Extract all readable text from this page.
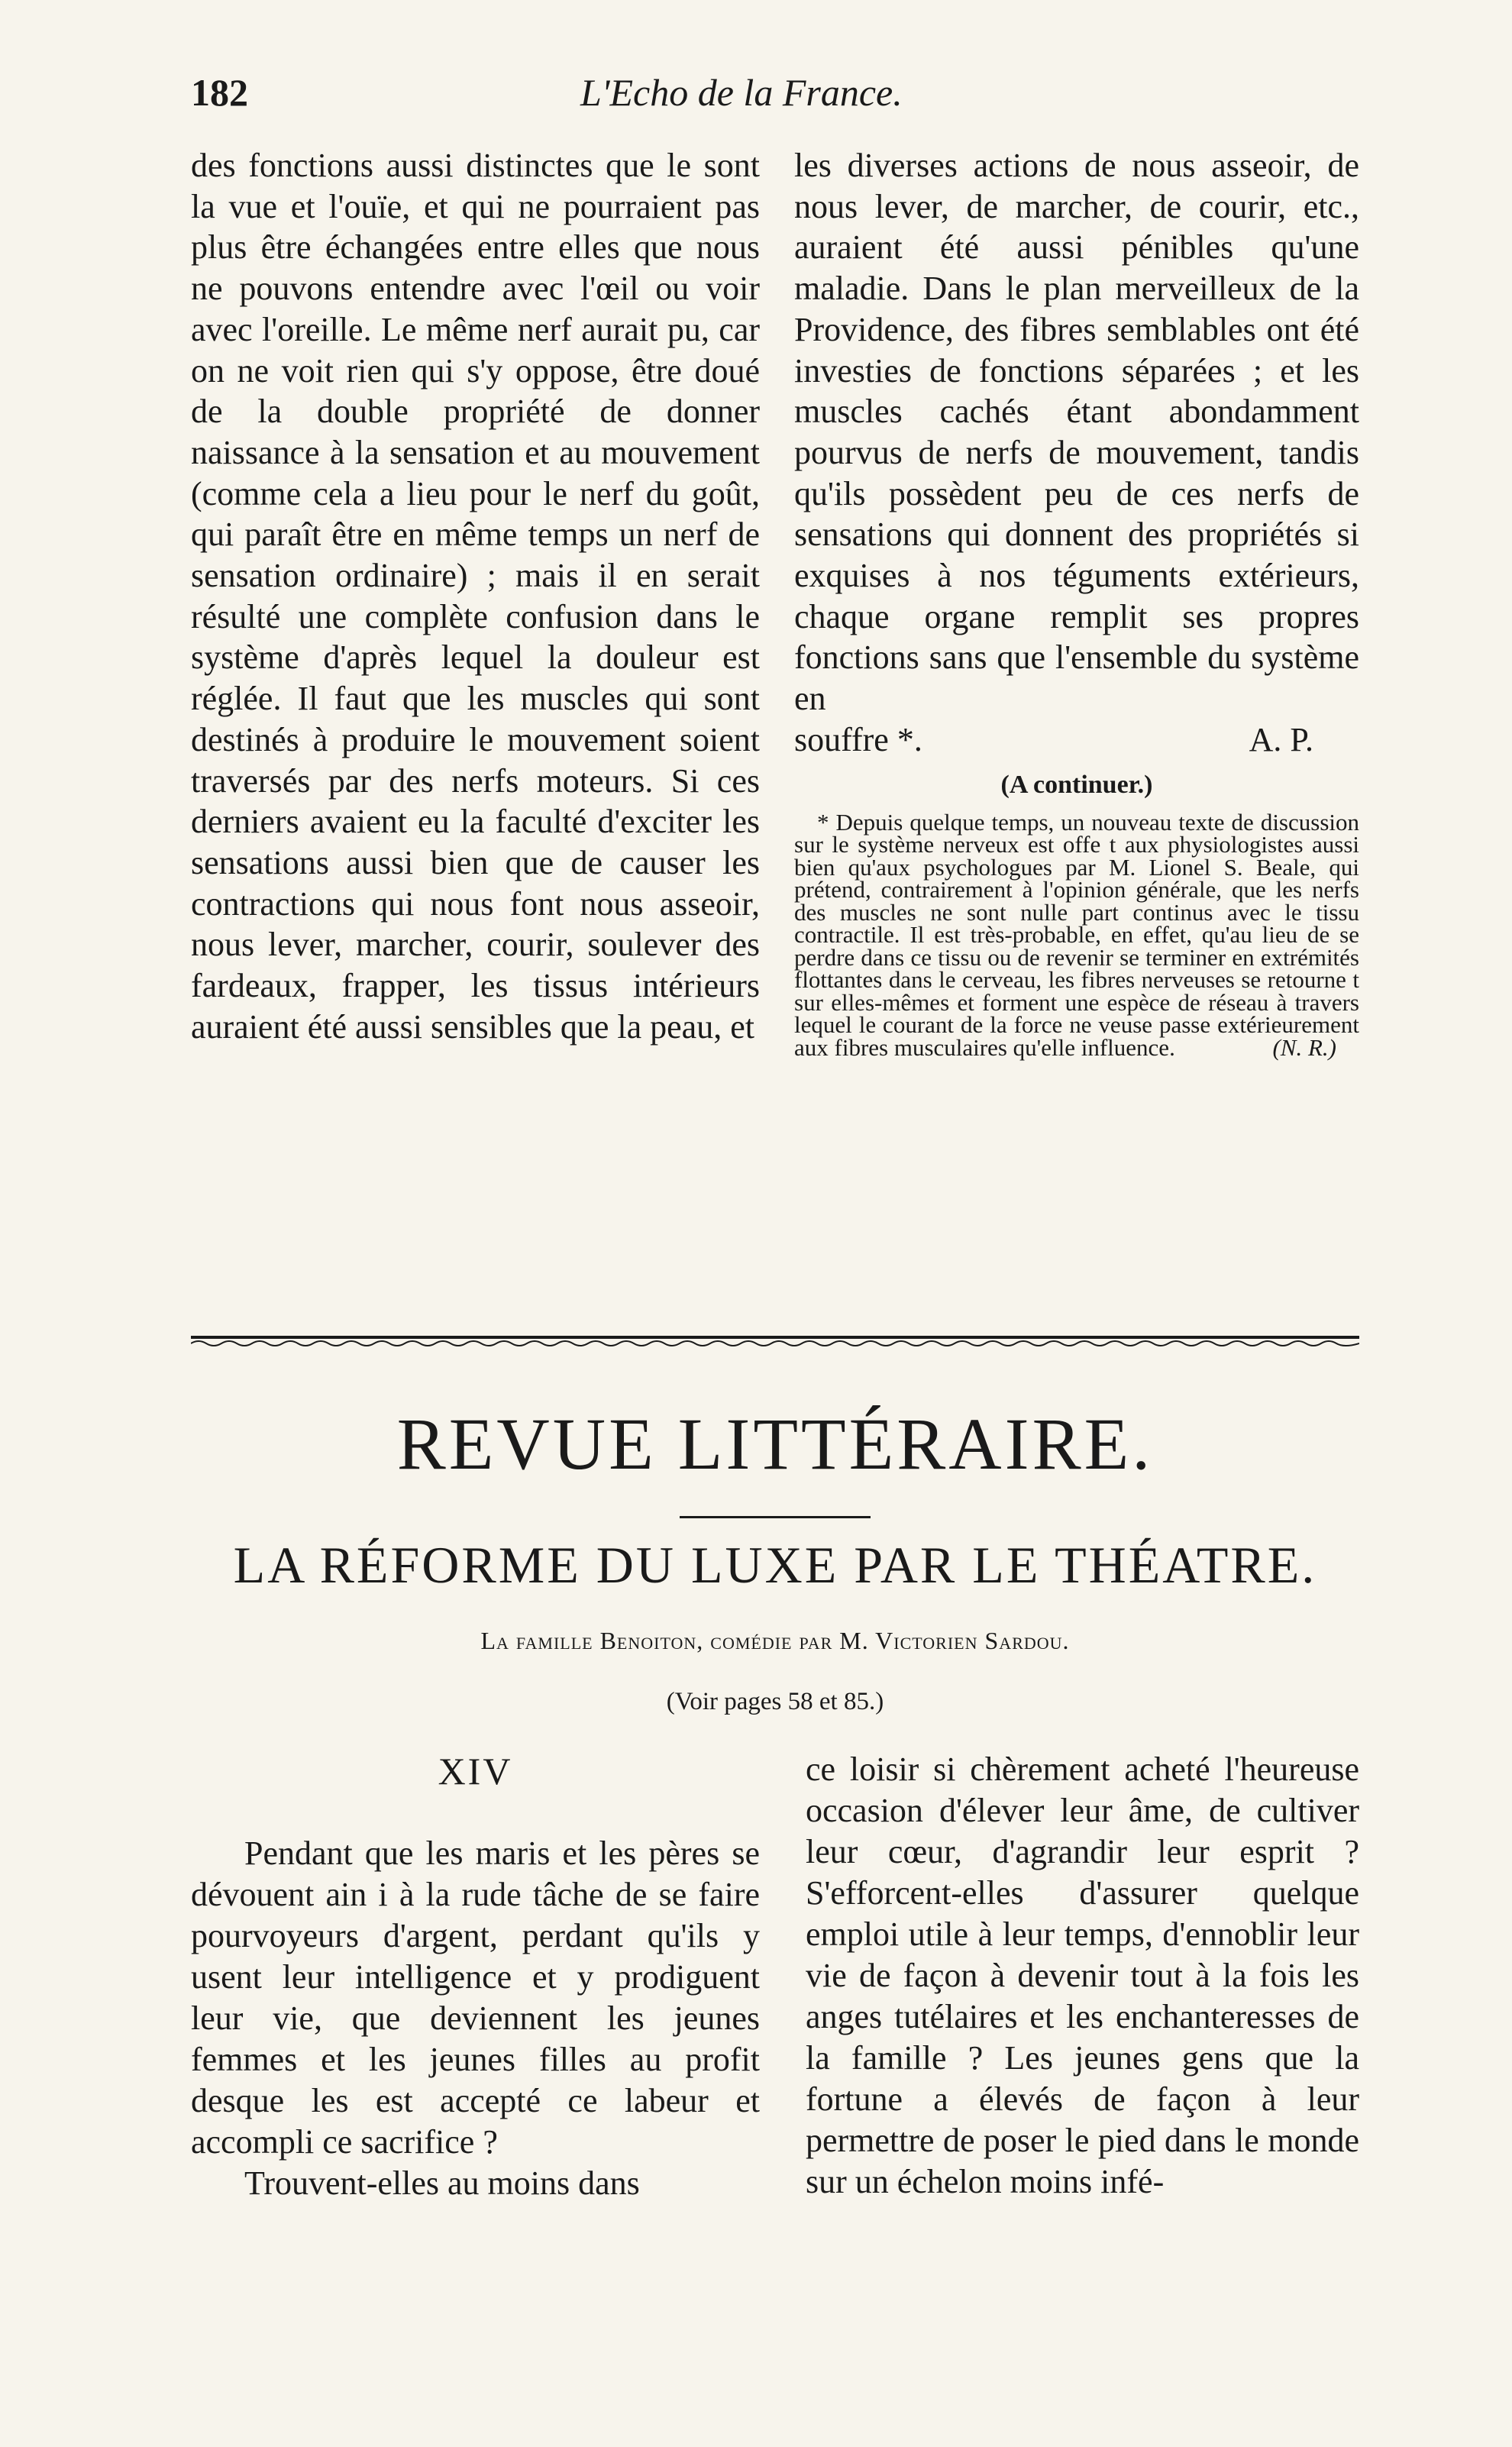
182	L'Echo de la France.

des fonctions aussi distinctes que le sont la vue et l'ouïe, et qui ne pourraient pas plus être échangées entre elles que nous ne pouvons entendre avec l'œil ou voir avec l'oreille. Le même nerf aurait pu, car on ne voit rien qui s'y oppose, être doué de la double propriété de donner naissance à la sensation et au mouvement (comme cela a lieu pour le nerf du goût, qui paraît être en même temps un nerf de sensation ordinaire) ; mais il en serait résulté une complète confusion dans le système d'après lequel la douleur est réglée. Il faut que les muscles qui sont destinés à produire le mouvement soient traversés par des nerfs moteurs. Si ces derniers avaient eu la faculté d'exciter les sensations aussi bien que de causer les contractions qui nous font nous asseoir, nous lever, marcher, courir, soulever des fardeaux, frapper, les tissus intérieurs auraient été aussi sensibles que la peau, et

les diverses actions de nous asseoir, de nous lever, de marcher, de courir, etc., auraient été aussi pénibles qu'une maladie. Dans le plan merveilleux de la Providence, des fibres semblables ont été investies de fonctions séparées ; et les muscles cachés étant abondamment pourvus de nerfs de mouvement, tandis qu'ils possèdent peu de ces nerfs de sensations qui donnent des propriétés si exquises à nos téguments extérieurs, chaque organe remplit ses propres fonctions sans que l'ensemble du système en

souffre *.	A. P.

(A continuer.)

* Depuis quelque temps, un nouveau texte de discussion sur le système nerveux est offe t aux physiologistes aussi bien qu'aux psychologues par M. Lionel S. Beale, qui prétend, contrairement à l'opinion générale, que les nerfs des muscles ne sont nulle part continus avec le tissu contractile. Il est très-probable, en effet, qu'au lieu de se perdre dans ce tissu ou de revenir se terminer en extrémités flottantes dans le cerveau, les fibres nerveuses se retourne t sur elles-mêmes et forment une espèce de réseau à travers lequel le courant de la force ne veuse passe extérieurement aux fibres musculaires qu'elle influence.	(N. R.)

REVUE LITTÉRAIRE.
LA RÉFORME DU LUXE PAR LE THÉATRE.
La famille Benoiton, comédie par M. Victorien Sardou.
(Voir pages 58 et 85.)
XIV

Pendant que les maris et les pères se dévouent ain i à la rude tâche de se faire pourvoyeurs d'argent, perdant qu'ils y usent leur intelligence et y prodiguent leur vie, que deviennent les jeunes femmes et les jeunes filles au profit desque les est accepté ce labeur et accompli ce sacrifice ?

Trouvent-elles au moins dans

ce loisir si chèrement acheté l'heureuse occasion d'élever leur âme, de cultiver leur cœur, d'agrandir leur esprit ? S'efforcent-elles d'assurer quelque emploi utile à leur temps, d'ennoblir leur vie de façon à devenir tout à la fois les anges tutélaires et les enchanteresses de la famille ? Les jeunes gens que la fortune a élevés de façon à leur permettre de poser le pied dans le monde sur un échelon moins infé-
